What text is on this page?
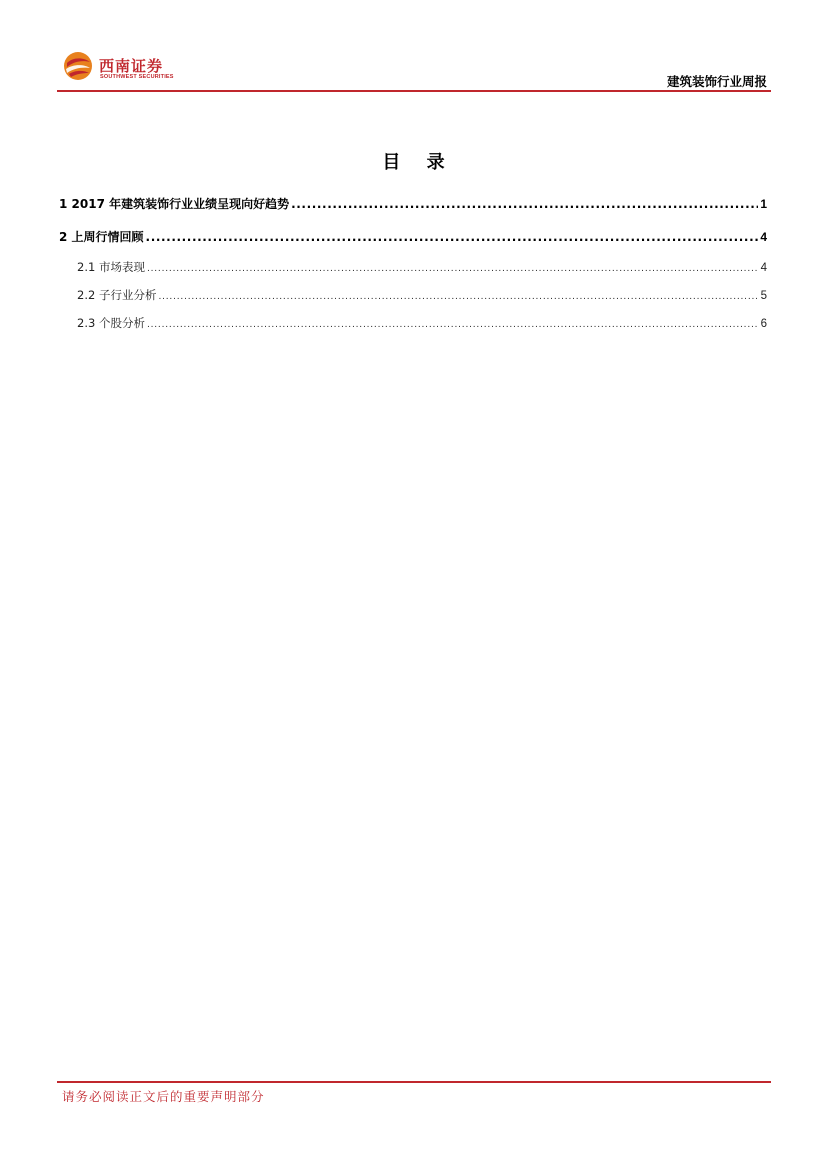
西南证券
SOUTHWEST SECURITIES	建筑装饰行业周报
目 录
1 2017 年建筑装饰行业业绩呈现向好趋势 .....	1
2 上周行情回顾 .....	4
2.1 市场表现 .....	4
2.2 子行业分析 .....	5
2.3 个股分析 .....	6
请务必阅读正文后的重要声明部分
